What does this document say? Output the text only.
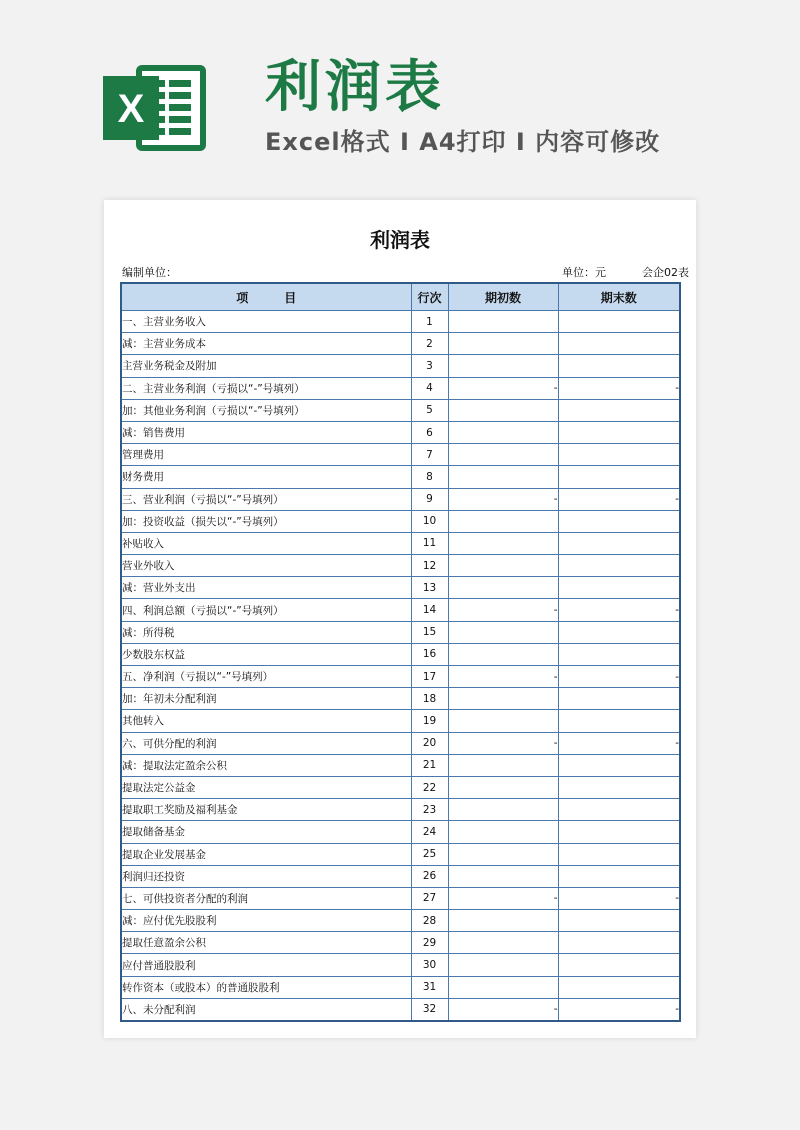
X 利润表
Excel格式 I A4打印 I 内容可修改
利润表
编制单位：	单位：元	会企02表
项　　　目	行次	期初数	期末数
一、主营业务收入	1		
减：主营业务成本	2		
主营业务税金及附加	3		
二、主营业务利润（亏损以“-”号填列）	4	-	-
加：其他业务利润（亏损以“-”号填列）	5		
减：销售费用	6		
管理费用	7		
财务费用	8		
三、营业利润（亏损以“-”号填列）	9	-	-
加：投资收益（损失以“-”号填列）	10		
补贴收入	11		
营业外收入	12		
减：营业外支出	13		
四、利润总额（亏损以“-”号填列）	14	-	-
减：所得税	15		
少数股东权益	16		
五、净利润（亏损以“-”号填列）	17	-	-
加：年初未分配利润	18		
其他转入	19		
六、可供分配的利润	20	-	-
减：提取法定盈余公积	21		
提取法定公益金	22		
提取职工奖励及福利基金	23		
提取储备基金	24		
提取企业发展基金	25		
利润归还投资	26		
七、可供投资者分配的利润	27	-	-
减：应付优先股股利	28		
提取任意盈余公积	29		
应付普通股股利	30		
转作资本（或股本）的普通股股利	31		
八、未分配利润	32	-	-
